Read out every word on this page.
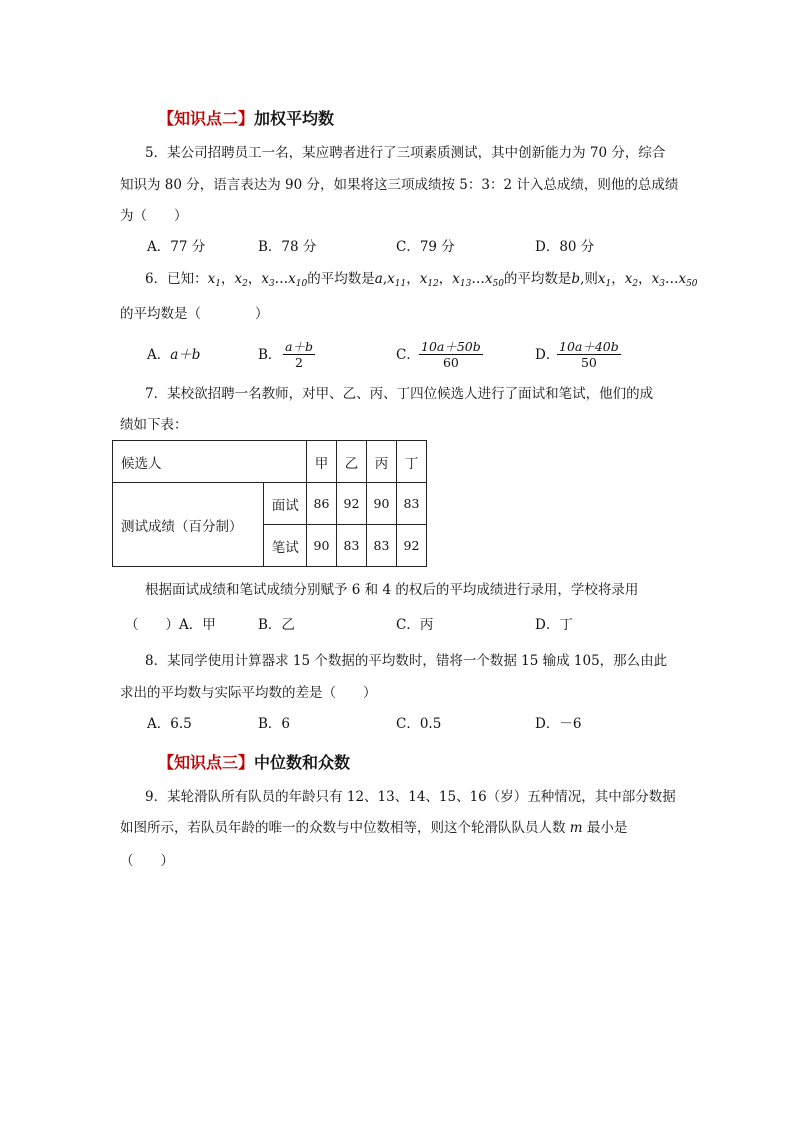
【知识点二】加权平均数
5．某公司招聘员工一名，某应聘者进行了三项素质测试，其中创新能力为 70 分，综合
知识为 80 分，语言表达为 90 分，如果将这三项成绩按 5：3：2 计入总成绩，则他的总成绩
为（　　）
A．77 分	B．78 分	C．79 分	D．80 分
6．已知：$x_1$，$x_2$，$x_3\dots x_{10}$的平均数是$a,x_{11}$，$x_{12}$，$x_{13}\dots x_{50}$的平均数是b,则$x_1$，$x_2$，$x_3\dots x_{50}$
的平均数是（　　　　）
A．a＋b	B． $\frac{a+b}{2}$	C． $\frac{10a+50b}{60}$	D．
$\frac{10a+40b}{50}$
7．某校欲招聘一名教师，对甲、乙、丙、丁四位候选人进行了面试和笔试，他们的成
绩如下表：
候选人		甲	乙	丙	丁
测试成绩（百分制）	面试	86	92	90	83
	笔试	90	83	83	92
根据面试成绩和笔试成绩分别赋予 6 和 4 的权后的平均成绩进行录用，学校将录用
（　　）A．甲	B．乙	C．丙	D．丁
8．某同学使用计算器求 15 个数据的平均数时，错将一个数据 15 输成 105，那么由此
求出的平均数与实际平均数的差是（　　）
A．6.5	B．6	C．0.5	D．－6
【知识点三】中位数和众数
9．某轮滑队所有队员的年龄只有 12、13、14、15、16（岁）五种情况，其中部分数据
如图所示，若队员年龄的唯一的众数与中位数相等，则这个轮滑队队员人数 m 最小是
（　　）
